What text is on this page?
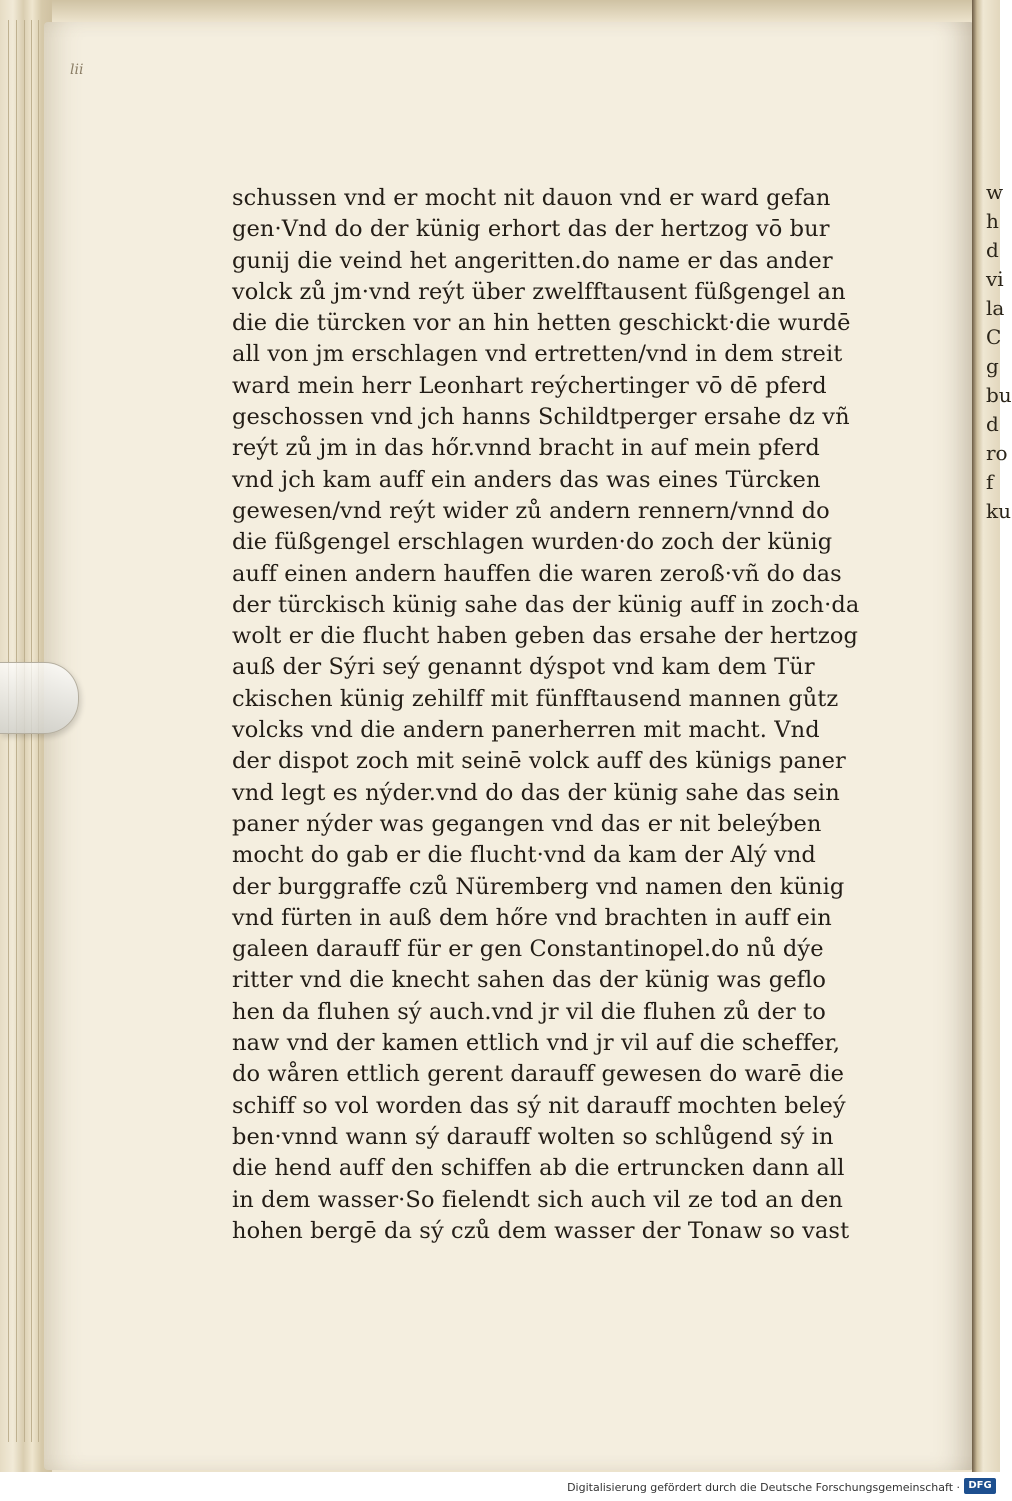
w
h
d
vi
la
C
g
bu
d
ro
f
ku
lii
schussen vnd er mocht nit dauon vnd er ward gefan
gen·Vnd do der künig erhort das der hertzog vō bur
gunij die veind het angeritten.do name er das ander
volck zů jm·vnd reýt über zwelfftausent füßgengel an
die die türcken vor an hin hetten geschickt·die wurdē
all von jm erschlagen vnd ertretten/vnd in dem streit
ward mein herr Leonhart reýchertinger vō dē pferd
geschossen vnd jch hanns Schildtperger ersahe dz vñ
reýt zů jm in das hőr.vnnd bracht in auf mein pferd
vnd jch kam auff ein anders das was eines Türcken
gewesen/vnd reýt wider zů andern rennern/vnnd do
die füßgengel erschlagen wurden·do zoch der künig
auff einen andern hauffen die waren zeroß·vñ do das
der türckisch künig sahe das der künig auff in zoch·da
wolt er die flucht haben geben das ersahe der hertzog
auß der Sýri seý genannt dýspot vnd kam dem Tür
ckischen künig zehilff mit fünfftausend mannen gůtz
volcks vnd die andern panerherren mit macht. Vnd
der dispot zoch mit seinē volck auff des künigs paner
vnd legt es nýder.vnd do das der künig sahe das sein
paner nýder was gegangen vnd das er nit beleýben
mocht do gab er die flucht·vnd da kam der Alý vnd
der burggraffe czů Nüremberg vnd namen den künig
vnd fürten in auß dem hőre vnd brachten in auff ein
galeen darauff für er gen Constantinopel.do nů dýe
ritter vnd die knecht sahen das der künig was geflo
hen da fluhen sý auch.vnd jr vil die fluhen zů der to
naw vnd der kamen ettlich vnd jr vil auf die scheffer,
do wåren ettlich gerent darauff gewesen do warē die
schiff so vol worden das sý nit darauff mochten beleý
ben·vnnd wann sý darauff wolten so schlůgend sý in
die hend auff den schiffen ab die ertruncken dann all
in dem wasser·So fielendt sich auch vil ze tod an den
hohen bergē da sý czů dem wasser der Tonaw so vast
Digitalisierung gefördert durch die Deutsche Forschungsgemeinschaft · DFG
